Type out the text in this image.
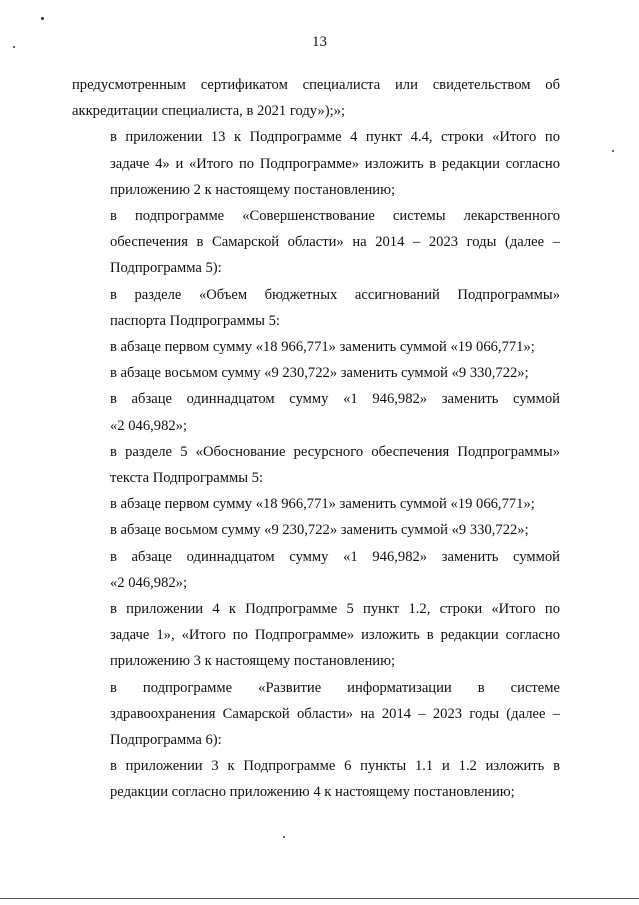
13

предусмотренным сертификатом специалиста или свидетельством об
аккредитации специалиста, в 2021 году»);»;

в приложении 13 к Подпрограмме 4 пункт 4.4, строки «Итого по
задаче 4» и «Итого по Подпрограмме» изложить в редакции согласно
приложению 2 к настоящему постановлению;

в подпрограмме «Совершенствование системы лекарственного
обеспечения в Самарской области» на 2014 – 2023 годы (далее –
Подпрограмма 5):

в разделе «Объем бюджетных ассигнований Подпрограммы»
паспорта Подпрограммы 5:

в абзаце первом сумму «18 966,771» заменить суммой «19 066,771»;

в абзаце восьмом сумму «9 230,722» заменить суммой «9 330,722»;

в абзаце одиннадцатом сумму «1 946,982» заменить суммой
«2 046,982»;

в разделе 5 «Обоснование ресурсного обеспечения Подпрограммы»
текста Подпрограммы 5:

в абзаце первом сумму «18 966,771» заменить суммой «19 066,771»;

в абзаце восьмом сумму «9 230,722» заменить суммой «9 330,722»;

в абзаце одиннадцатом сумму «1 946,982» заменить суммой
«2 046,982»;

в приложении 4 к Подпрограмме 5 пункт 1.2, строки «Итого по
задаче 1», «Итого по Подпрограмме» изложить в редакции согласно
приложению 3 к настоящему постановлению;

в подпрограмме «Развитие информатизации в системе
здравоохранения Самарской области» на 2014 – 2023 годы (далее –
Подпрограмма 6):

в приложении 3 к Подпрограмме 6 пункты 1.1 и 1.2 изложить в
редакции согласно приложению 4 к настоящему постановлению;
